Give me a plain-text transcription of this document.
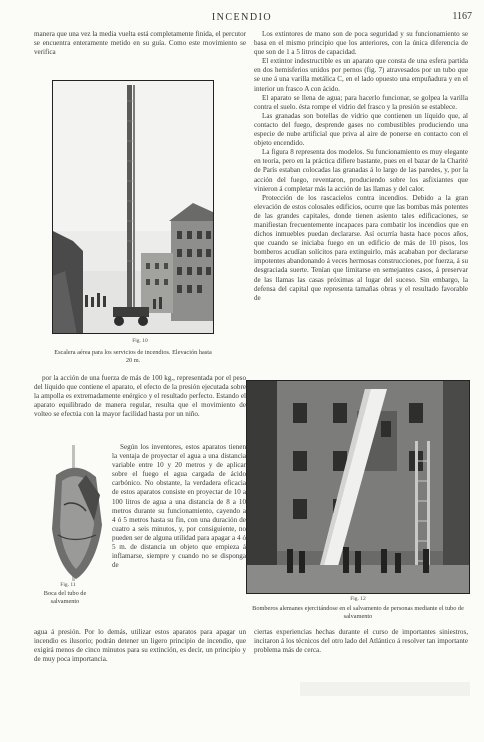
INCENDIO	1167

manera que una vez la media vuelta está completamente finida, el percutor se encuentra enteramente metido en su guía. Como este movimiento se verifica

Fig. 10
Escalera aérea para los servicios de incendios. Elevación hasta 20 m.

por la acción de una fuerza de más de 100 kg., representada por el peso del líquido que contiene el aparato, el efecto de la presión ejecutada sobre la ampolla es extremadamente enérgico y el resultado perfecto. Estando el aparato equilibrado de manera regular, resulta que el movimiento de volteo se efectúa con la mayor facilidad hasta por un niño.

Fig. 11
Boca del tubo de salvamento

Según los inventores, estos aparatos tienen la ventaja de proyectar el agua a una distancia variable entre 10 y 20 metros y de aplicar sobre el fuego el agua cargada de ácido carbónico. No obstante, la verdadera eficacia de estos aparatos consiste en proyectar de 10 a 100 litros de agua a una distancia de 8 a 10 metros durante su funcionamiento, cayendo a 4 ó 5 metros hasta su fin, con una duración de cuatro a seis minutos, y, por consiguiente, no pueden ser de alguna utilidad para apagar a 4 ó 5 m. de distancia un objeto que empieza á inflamarse, siempre y cuando no se disponga de

agua á presión. Por lo demás, utilizar estos aparatos para apagar un incendio es ilusorio; podrán detener un ligero principio de incendio, que exigirá menos de cinco minutos para su extinción, es decir, un principio y de muy poca importancia.

Los extintores de mano son de poca seguridad y su funcionamiento se basa en el mismo principio que los anteriores, con la única diferencia de que son de 1 a 5 litros de capacidad.

El extintor indestructible es un aparato que consta de una esfera partida en dos hemisferios unidos por pernos (fig. 7) atravesados por un tubo que se une á una varilla metálica C, en el lado opuesto una empuñadura y en el interior un frasco A con ácido.

El aparato se llena de agua; para hacerlo funcionar, se golpea la varilla contra el suelo. ésta rompe el vidrio del frasco y la presión se establece.

Las granadas son botellas de vidrio que contienen un líquido que, al contacto del fuego, desprende gases no combustibles produciendo una especie de nube artificial que priva al aire de ponerse en contacto con el objeto encendido.

La figura 8 representa dos modelos. Su funcionamiento es muy elegante en teoría, pero en la práctica difiere bastante, pues en el bazar de la Charité de París estaban colocadas las granadas á lo largo de las paredes, y, por la acción del fuego, reventaron, produciendo sobre los asfixiantes que vinieron á completar más la acción de las llamas y del calor.

Protección de los rascacielos contra incendios. Debido a la gran elevación de estos colosales edificios, ocurre que las bombas más potentes de las grandes capitales, donde tienen asiento tales edificaciones, se manifiestan frecuentemente incapaces para combatir los incendios que en dichos inmuebles puedan declararse. Así ocurría hasta hace pocos años, que cuando se iniciaba fuego en un edificio de más de 10 pisos, los bomberos acudían solícitos para extinguirlo, más acababan por declararse impotentes abandonando á veces hermosas construcciones, por fuerza, á su desgraciada suerte. Tenían que limitarse en semejantes casos, á preservar de las llamas las casas próximas al lugar del suceso. Sin embargo, la defensa del capital que representa tamañas obras y el resultado favorable de

Fig. 12
Bomberos alemanes ejercitándose en el salvamento de personas mediante el tubo de salvamento

ciertas experiencias hechas durante el curso de importantes siniestros, incitaron á los técnicos del otro lado del Atlántico á resolver tan importante problema más de cerca.
